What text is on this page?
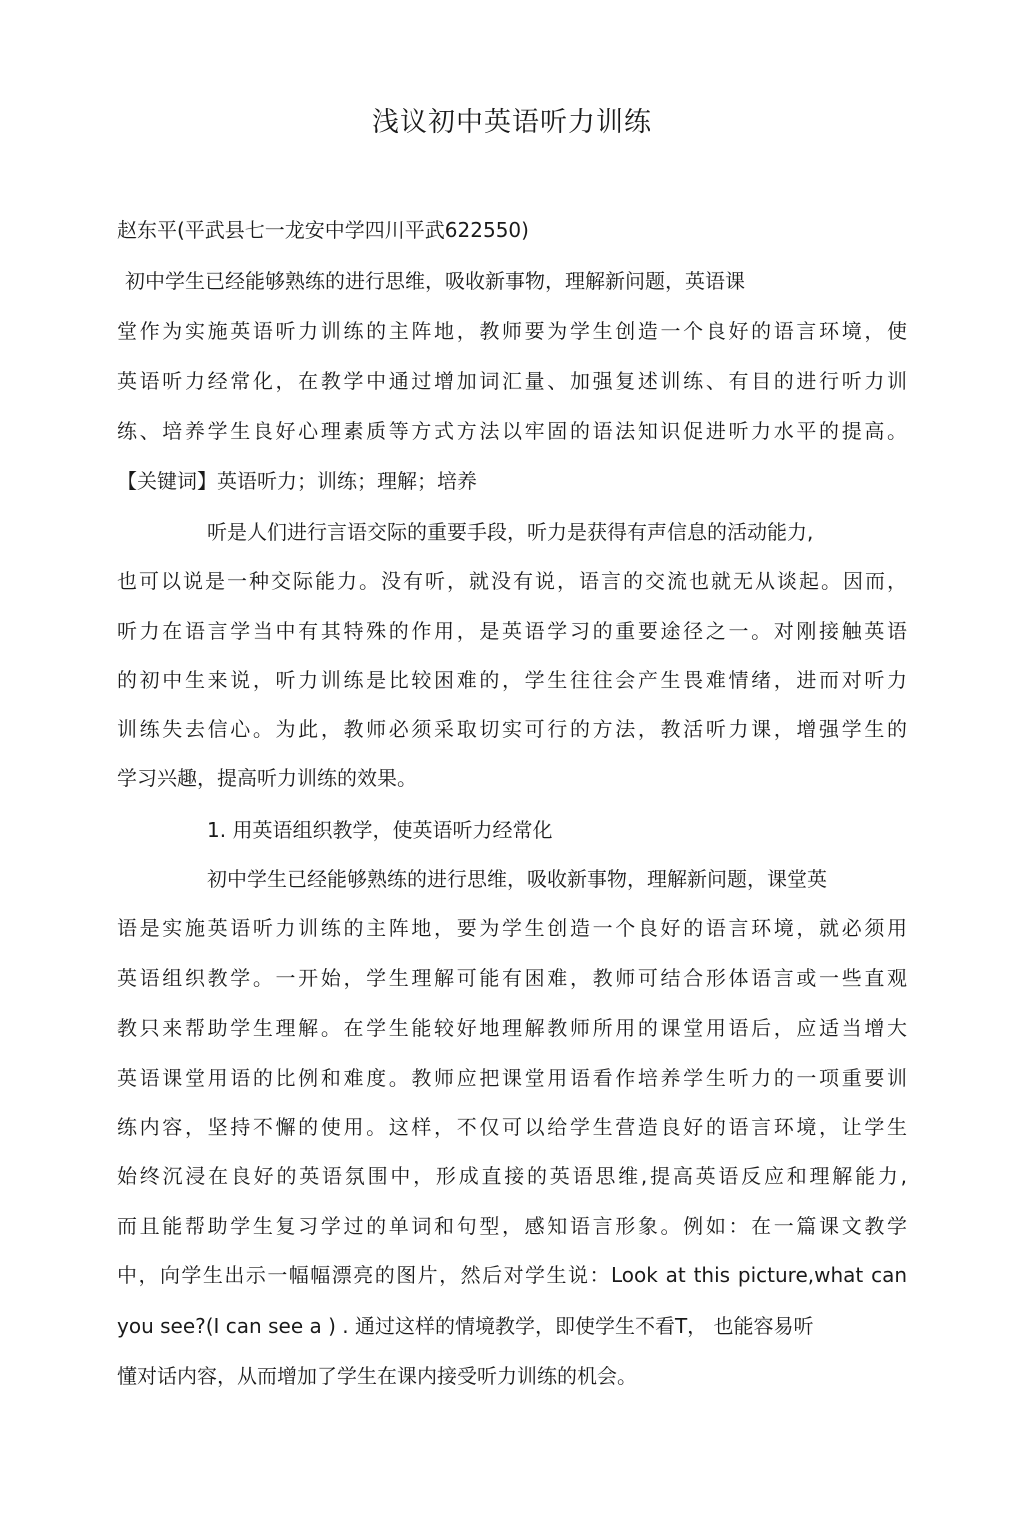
浅议初中英语听力训练
赵东平(平武县七一龙安中学四川平武622550)
初中学生已经能够熟练的进行思维，吸收新事物，理解新问题，英语课
堂作为实施英语听力训练的主阵地，教师要为学生创造一个良好的语言环境，使
英语听力经常化，在教学中通过增加词汇量、加强复述训练、有目的进行听力训
练、培养学生良好心理素质等方式方法以牢固的语法知识促进听力水平的提高。
【关键词】英语听力；训练；理解；培养
听是人们进行言语交际的重要手段，听力是获得有声信息的活动能力,
也可以说是一种交际能力。没有听，就没有说，语言的交流也就无从谈起。因而，
听力在语言学当中有其特殊的作用，是英语学习的重要途径之一。对刚接触英语
的初中生来说，听力训练是比较困难的，学生往往会产生畏难情绪，进而对听力
训练失去信心。为此，教师必须采取切实可行的方法，教活听力课，增强学生的
学习兴趣，提高听力训练的效果。
1. 用英语组织教学，使英语听力经常化
初中学生已经能够熟练的进行思维，吸收新事物，理解新问题，课堂英
语是实施英语听力训练的主阵地，要为学生创造一个良好的语言环境，就必须用
英语组织教学。一开始，学生理解可能有困难，教师可结合形体语言或一些直观
教只来帮助学生理解。在学生能较好地理解教师所用的课堂用语后，应适当增大
英语课堂用语的比例和难度。教师应把课堂用语看作培养学生听力的一项重要训
练内容，坚持不懈的使用。这样，不仅可以给学生营造良好的语言环境，让学生
始终沉浸在良好的英语氛围中，形成直接的英语思维,提高英语反应和理解能力,
而且能帮助学生复习学过的单词和句型，感知语言形象。例如：在一篇课文教学
中，向学生出示一幅幅漂亮的图片，然后对学生说：Look at this picture,what can
you see?(I can see a ) . 通过这样的情境教学，即使学生不看T， 也能容易听
懂对话内容，从而增加了学生在课内接受听力训练的机会。
